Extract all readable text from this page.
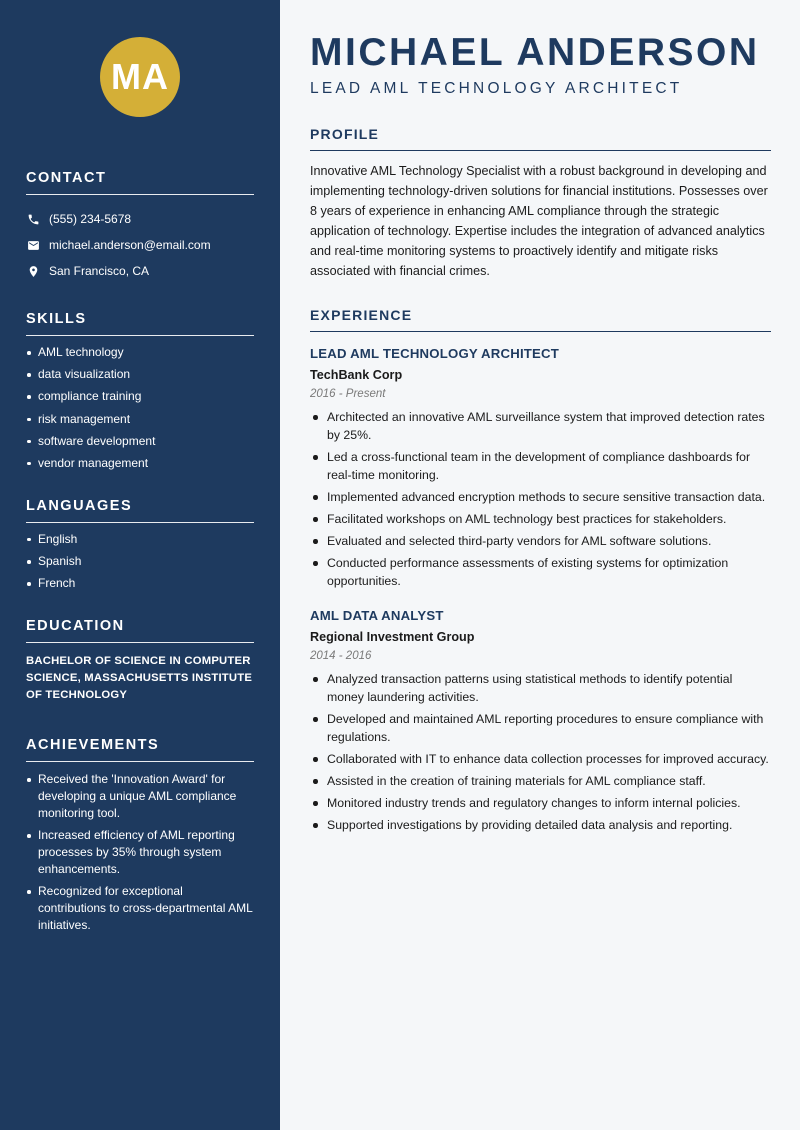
MA
CONTACT
(555) 234-5678
michael.anderson@email.com
San Francisco, CA
SKILLS
AML technology
data visualization
compliance training
risk management
software development
vendor management
LANGUAGES
English
Spanish
French
EDUCATION
BACHELOR OF SCIENCE IN COMPUTER SCIENCE, MASSACHUSETTS INSTITUTE OF TECHNOLOGY
ACHIEVEMENTS
Received the 'Innovation Award' for developing a unique AML compliance monitoring tool.
Increased efficiency of AML reporting processes by 35% through system enhancements.
Recognized for exceptional contributions to cross-departmental AML initiatives.
MICHAEL ANDERSON
LEAD AML TECHNOLOGY ARCHITECT
PROFILE
Innovative AML Technology Specialist with a robust background in developing and implementing technology-driven solutions for financial institutions. Possesses over 8 years of experience in enhancing AML compliance through the strategic application of technology. Expertise includes the integration of advanced analytics and real-time monitoring systems to proactively identify and mitigate risks associated with financial crimes.
EXPERIENCE
LEAD AML TECHNOLOGY ARCHITECT
TechBank Corp
2016 - Present
Architected an innovative AML surveillance system that improved detection rates by 25%.
Led a cross-functional team in the development of compliance dashboards for real-time monitoring.
Implemented advanced encryption methods to secure sensitive transaction data.
Facilitated workshops on AML technology best practices for stakeholders.
Evaluated and selected third-party vendors for AML software solutions.
Conducted performance assessments of existing systems for optimization opportunities.
AML DATA ANALYST
Regional Investment Group
2014 - 2016
Analyzed transaction patterns using statistical methods to identify potential money laundering activities.
Developed and maintained AML reporting procedures to ensure compliance with regulations.
Collaborated with IT to enhance data collection processes for improved accuracy.
Assisted in the creation of training materials for AML compliance staff.
Monitored industry trends and regulatory changes to inform internal policies.
Supported investigations by providing detailed data analysis and reporting.
